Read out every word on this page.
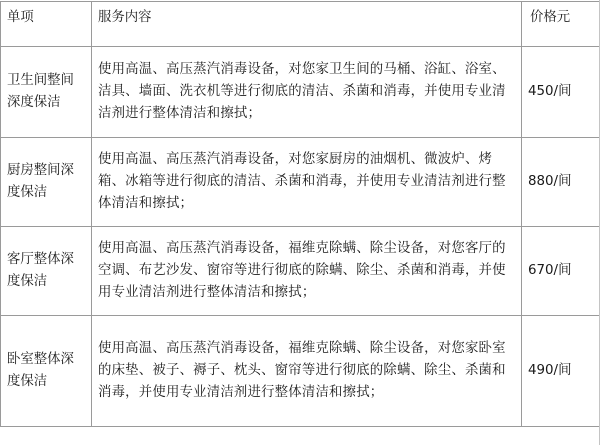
单项	服务内容	价格元
卫生间整间深度保洁	使用高温、高压蒸汽消毒设备，对您家卫生间的马桶、浴缸、浴室、洁具、墙面、洗衣机等进行彻底的清洁、杀菌和消毒，并使用专业清洁剂进行整体清洁和擦拭；	450/间
厨房整间深度保洁	使用高温、高压蒸汽消毒设备，对您家厨房的油烟机、微波炉、烤箱、冰箱等进行彻底的清洁、杀菌和消毒，并使用专业清洁剂进行整体清洁和擦拭；	880/间
客厅整体深度保洁	使用高温、高压蒸汽消毒设备，福维克除螨、除尘设备，对您客厅的空调、布艺沙发、窗帘等进行彻底的除螨、除尘、杀菌和消毒，并使用专业清洁剂进行整体清洁和擦拭；	670/间
卧室整体深度保洁	使用高温、高压蒸汽消毒设备，福维克除螨、除尘设备，对您家卧室的床垫、被子、褥子、枕头、窗帘等进行彻底的除螨、除尘、杀菌和消毒，并使用专业清洁剂进行整体清洁和擦拭；	490/间
